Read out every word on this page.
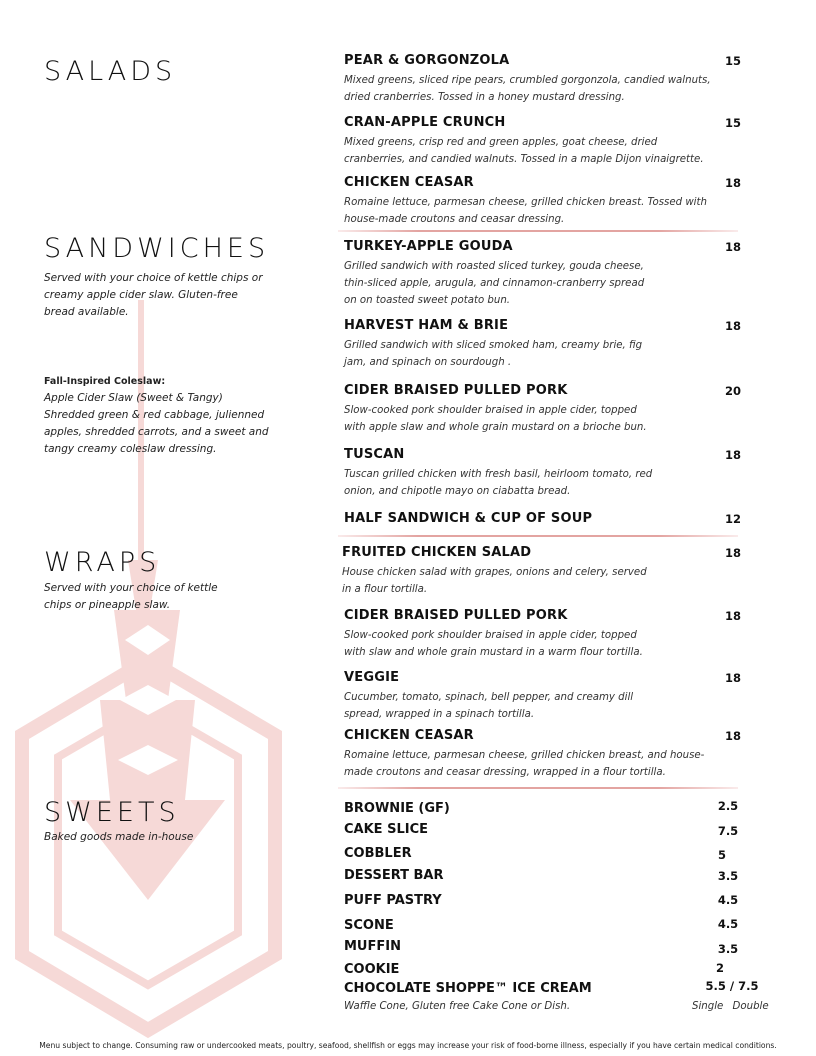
SALADS
SANDWICHES

Served with your choice of kettle chips or creamy apple cider slaw. Gluten-free bread available.

Fall-Inspired Coleslaw:
Apple Cider Slaw (Sweet & Tangy) Shredded green & red cabbage, julienned apples, shredded carrots, and a sweet and tangy creamy coleslaw dressing.
WRAPS

Served with your choice of kettle chips or pineapple slaw.

SWEETS

Baked goods made in-house

PEAR & GORGONZOLA	15
Mixed greens, sliced ripe pears, crumbled gorgonzola, candied walnuts, dried cranberries. Tossed in a honey mustard dressing.
CRAN-APPLE CRUNCH	15
Mixed greens, crisp red and green apples, goat cheese, dried cranberries, and candied walnuts. Tossed in a maple Dijon vinaigrette.
CHICKEN CEASAR	18
Romaine lettuce, parmesan cheese, grilled chicken breast. Tossed with house-made croutons and ceasar dressing.
TURKEY-APPLE GOUDA	18
Grilled sandwich with roasted sliced turkey, gouda cheese, thin-sliced apple, arugula, and cinnamon-cranberry spread on on toasted sweet potato bun.
HARVEST HAM & BRIE	18
Grilled sandwich with sliced smoked ham, creamy brie, fig jam, and spinach on sourdough .
CIDER BRAISED PULLED PORK	20
Slow-cooked pork shoulder braised in apple cider, topped with apple slaw and whole grain mustard on a brioche bun.
TUSCAN	18
Tuscan grilled chicken with fresh basil, heirloom tomato, red onion, and chipotle mayo on ciabatta bread.
HALF SANDWICH & CUP OF SOUP	12
FRUITED CHICKEN SALAD	18
House chicken salad with grapes, onions and celery, served in a flour tortilla.
CIDER BRAISED PULLED PORK	18
Slow-cooked pork shoulder braised in apple cider, topped with slaw and whole grain mustard in a warm flour tortilla.
VEGGIE	18
Cucumber, tomato, spinach, bell pepper, and creamy dill spread, wrapped in a spinach tortilla.
CHICKEN CEASAR	18
Romaine lettuce, parmesan cheese, grilled chicken breast, and house-made croutons and ceasar dressing, wrapped in a flour tortilla.
BROWNIE (GF)	2.5
CAKE SLICE	7.5
COBBLER	5
DESSERT BAR	3.5
PUFF PASTRY	4.5
SCONE	4.5
MUFFIN	3.5
COOKIE	2
CHOCOLATE SHOPPE™ ICE CREAM	5.5 / 7.5
Waffle Cone, Gluten free Cake Cone or Dish.	Single Double
Menu subject to change. Consuming raw or undercooked meats, poultry, seafood, shellfish or eggs may increase your risk of food-borne illness, especially if you have certain medical conditions.
